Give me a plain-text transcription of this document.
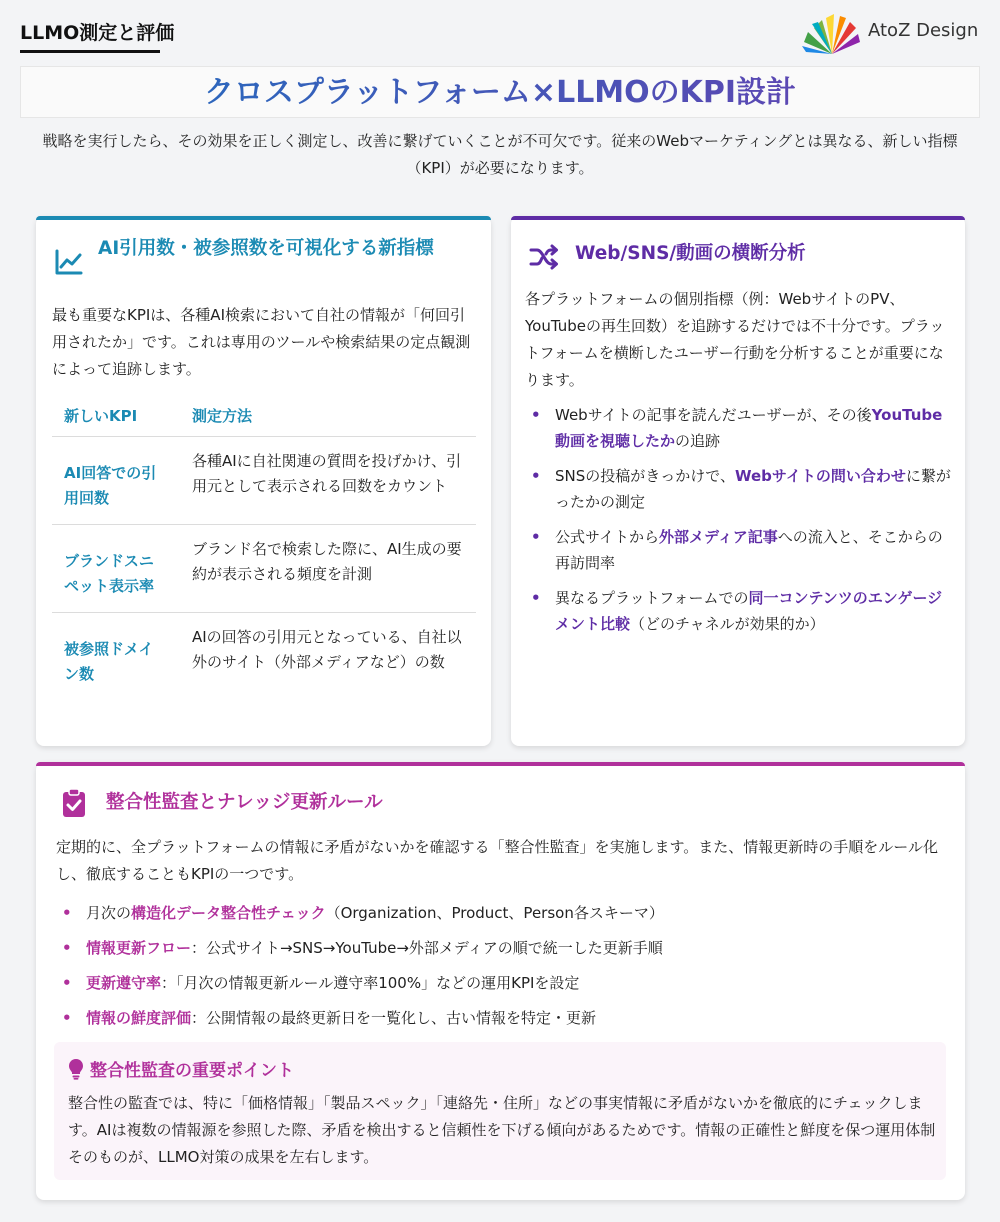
LLMO測定と評価	AtoZ Design
クロスプラットフォーム×LLMOのKPI設計
戦略を実行したら、その効果を正しく測定し、改善に繋げていくことが不可欠です。従来のWebマーケティングとは異なる、新しい指標（KPI）が必要になります。
AI引用数・被参照数を可視化する新指標
最も重要なKPIは、各種AI検索において自社の情報が「何回引用されたか」です。これは専用のツールや検索結果の定点観測によって追跡します。
新しいKPI	測定方法
AI回答での引用回数	各種AIに自社関連の質問を投げかけ、引用元として表示される回数をカウント
ブランドスニペット表示率	ブランド名で検索した際に、AI生成の要約が表示される頻度を計測
被参照ドメイン数	AIの回答の引用元となっている、自社以外のサイト（外部メディアなど）の数
Web/SNS/動画の横断分析
各プラットフォームの個別指標（例：WebサイトのPV、YouTubeの再生回数）を追跡するだけでは不十分です。プラットフォームを横断したユーザー行動を分析することが重要になります。
• Webサイトの記事を読んだユーザーが、その後YouTube動画を視聴したかの追跡
• SNSの投稿がきっかけで、Webサイトの問い合わせに繋がったかの測定
• 公式サイトから外部メディア記事への流入と、そこからの再訪問率
• 異なるプラットフォームでの同一コンテンツのエンゲージメント比較（どのチャネルが効果的か）
整合性監査とナレッジ更新ルール
定期的に、全プラットフォームの情報に矛盾がないかを確認する「整合性監査」を実施します。また、情報更新時の手順をルール化し、徹底することもKPIの一つです。
• 月次の構造化データ整合性チェック（Organization、Product、Person各スキーマ）
• 情報更新フロー：公式サイト→SNS→YouTube→外部メディアの順で統一した更新手順
• 更新遵守率：「月次の情報更新ルール遵守率100%」などの運用KPIを設定
• 情報の鮮度評価：公開情報の最終更新日を一覧化し、古い情報を特定・更新
整合性監査の重要ポイント
整合性の監査では、特に「価格情報」「製品スペック」「連絡先・住所」などの事実情報に矛盾がないかを徹底的にチェックします。AIは複数の情報源を参照した際、矛盾を検出すると信頼性を下げる傾向があるためです。情報の正確性と鮮度を保つ運用体制そのものが、LLMO対策の成果を左右します。
